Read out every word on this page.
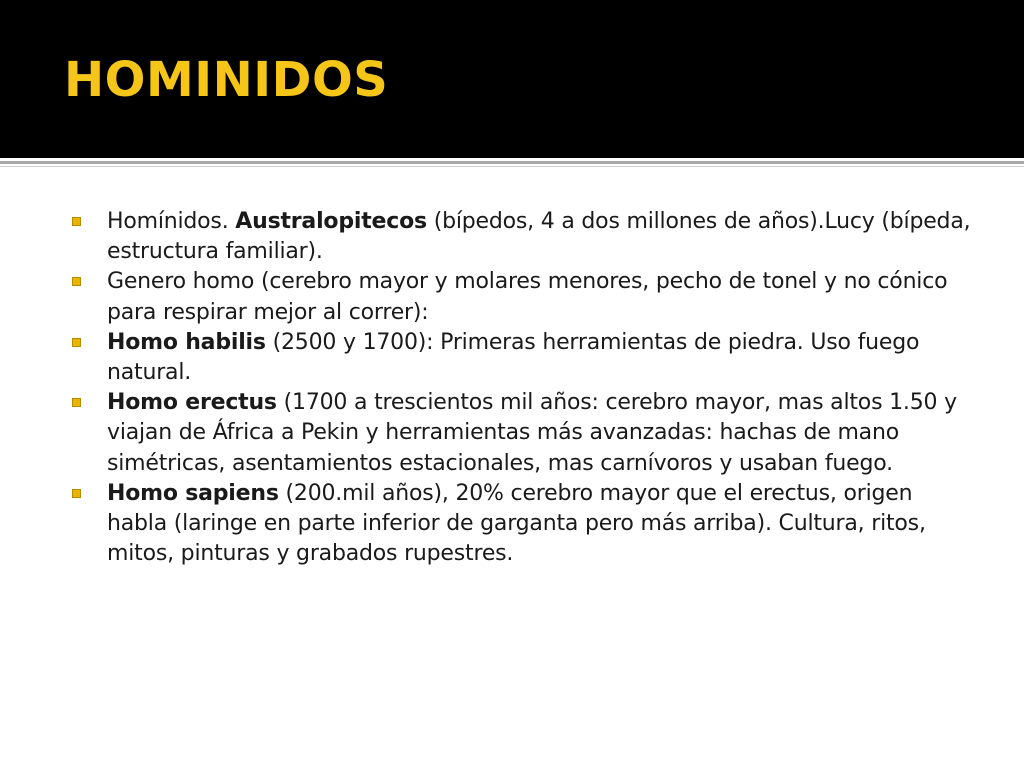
HOMINIDOS
Homínidos. Australopitecos (bípedos, 4 a dos millones de años).Lucy (bípeda, estructura familiar).
Genero homo (cerebro mayor y molares menores, pecho de tonel y no cónico para respirar mejor al correr):
Homo habilis (2500 y 1700): Primeras herramientas de piedra. Uso fuego natural.
Homo erectus (1700 a trescientos mil años: cerebro mayor, mas altos 1.50 y viajan de África a Pekin y herramientas más avanzadas: hachas de mano simétricas, asentamientos estacionales, mas carnívoros y usaban fuego.
Homo sapiens (200.mil años), 20% cerebro mayor que el erectus, origen habla (laringe en parte inferior de garganta pero más arriba). Cultura, ritos, mitos, pinturas y grabados rupestres.
